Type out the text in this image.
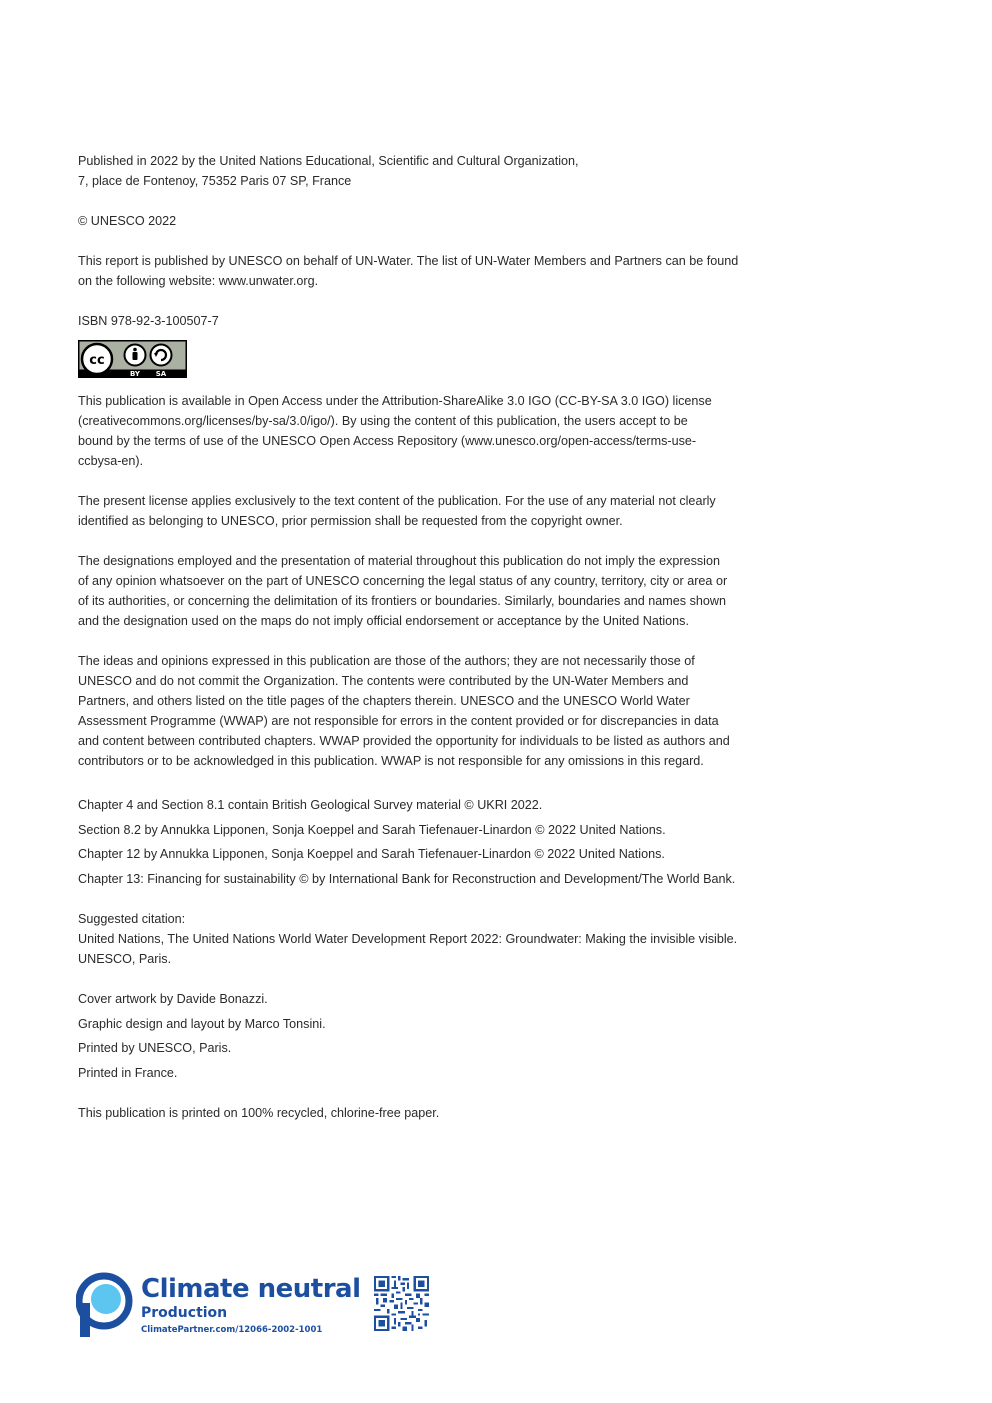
Published in 2022 by the United Nations Educational, Scientific and Cultural Organization,
7, place de Fontenoy, 75352 Paris 07 SP, France

© UNESCO 2022

This report is published by UNESCO on behalf of UN-Water. The list of UN-Water Members and Partners can be found
on the following website: www.unwater.org.

ISBN 978-92-3-100507-7

cc
BY SA

This publication is available in Open Access under the Attribution-ShareAlike 3.0 IGO (CC-BY-SA 3.0 IGO) license
(creativecommons.org/licenses/by-sa/3.0/igo/). By using the content of this publication, the users accept to be
bound by the terms of use of the UNESCO Open Access Repository (www.unesco.org/open-access/terms-use-
ccbysa-en).

The present license applies exclusively to the text content of the publication. For the use of any material not clearly
identified as belonging to UNESCO, prior permission shall be requested from the copyright owner.

The designations employed and the presentation of material throughout this publication do not imply the expression
of any opinion whatsoever on the part of UNESCO concerning the legal status of any country, territory, city or area or
of its authorities, or concerning the delimitation of its frontiers or boundaries. Similarly, boundaries and names shown
and the designation used on the maps do not imply official endorsement or acceptance by the United Nations.

The ideas and opinions expressed in this publication are those of the authors; they are not necessarily those of
UNESCO and do not commit the Organization. The contents were contributed by the UN-Water Members and
Partners, and others listed on the title pages of the chapters therein. UNESCO and the UNESCO World Water
Assessment Programme (WWAP) are not responsible for errors in the content provided or for discrepancies in data
and content between contributed chapters. WWAP provided the opportunity for individuals to be listed as authors and
contributors or to be acknowledged in this publication. WWAP is not responsible for any omissions in this regard.

Chapter 4 and Section 8.1 contain British Geological Survey material © UKRI 2022.
Section 8.2 by Annukka Lipponen, Sonja Koeppel and Sarah Tiefenauer-Linardon © 2022 United Nations.
Chapter 12 by Annukka Lipponen, Sonja Koeppel and Sarah Tiefenauer-Linardon © 2022 United Nations.
Chapter 13: Financing for sustainability © by International Bank for Reconstruction and Development/The World Bank.
Suggested citation:
United Nations, The United Nations World Water Development Report 2022: Groundwater: Making the invisible visible.
UNESCO, Paris.
Cover artwork by Davide Bonazzi.
Graphic design and layout by Marco Tonsini.
Printed by UNESCO, Paris.
Printed in France.
This publication is printed on 100% recycled, chlorine-free paper.
Climate neutral
Production
ClimatePartner.com/12066-2002-1001
